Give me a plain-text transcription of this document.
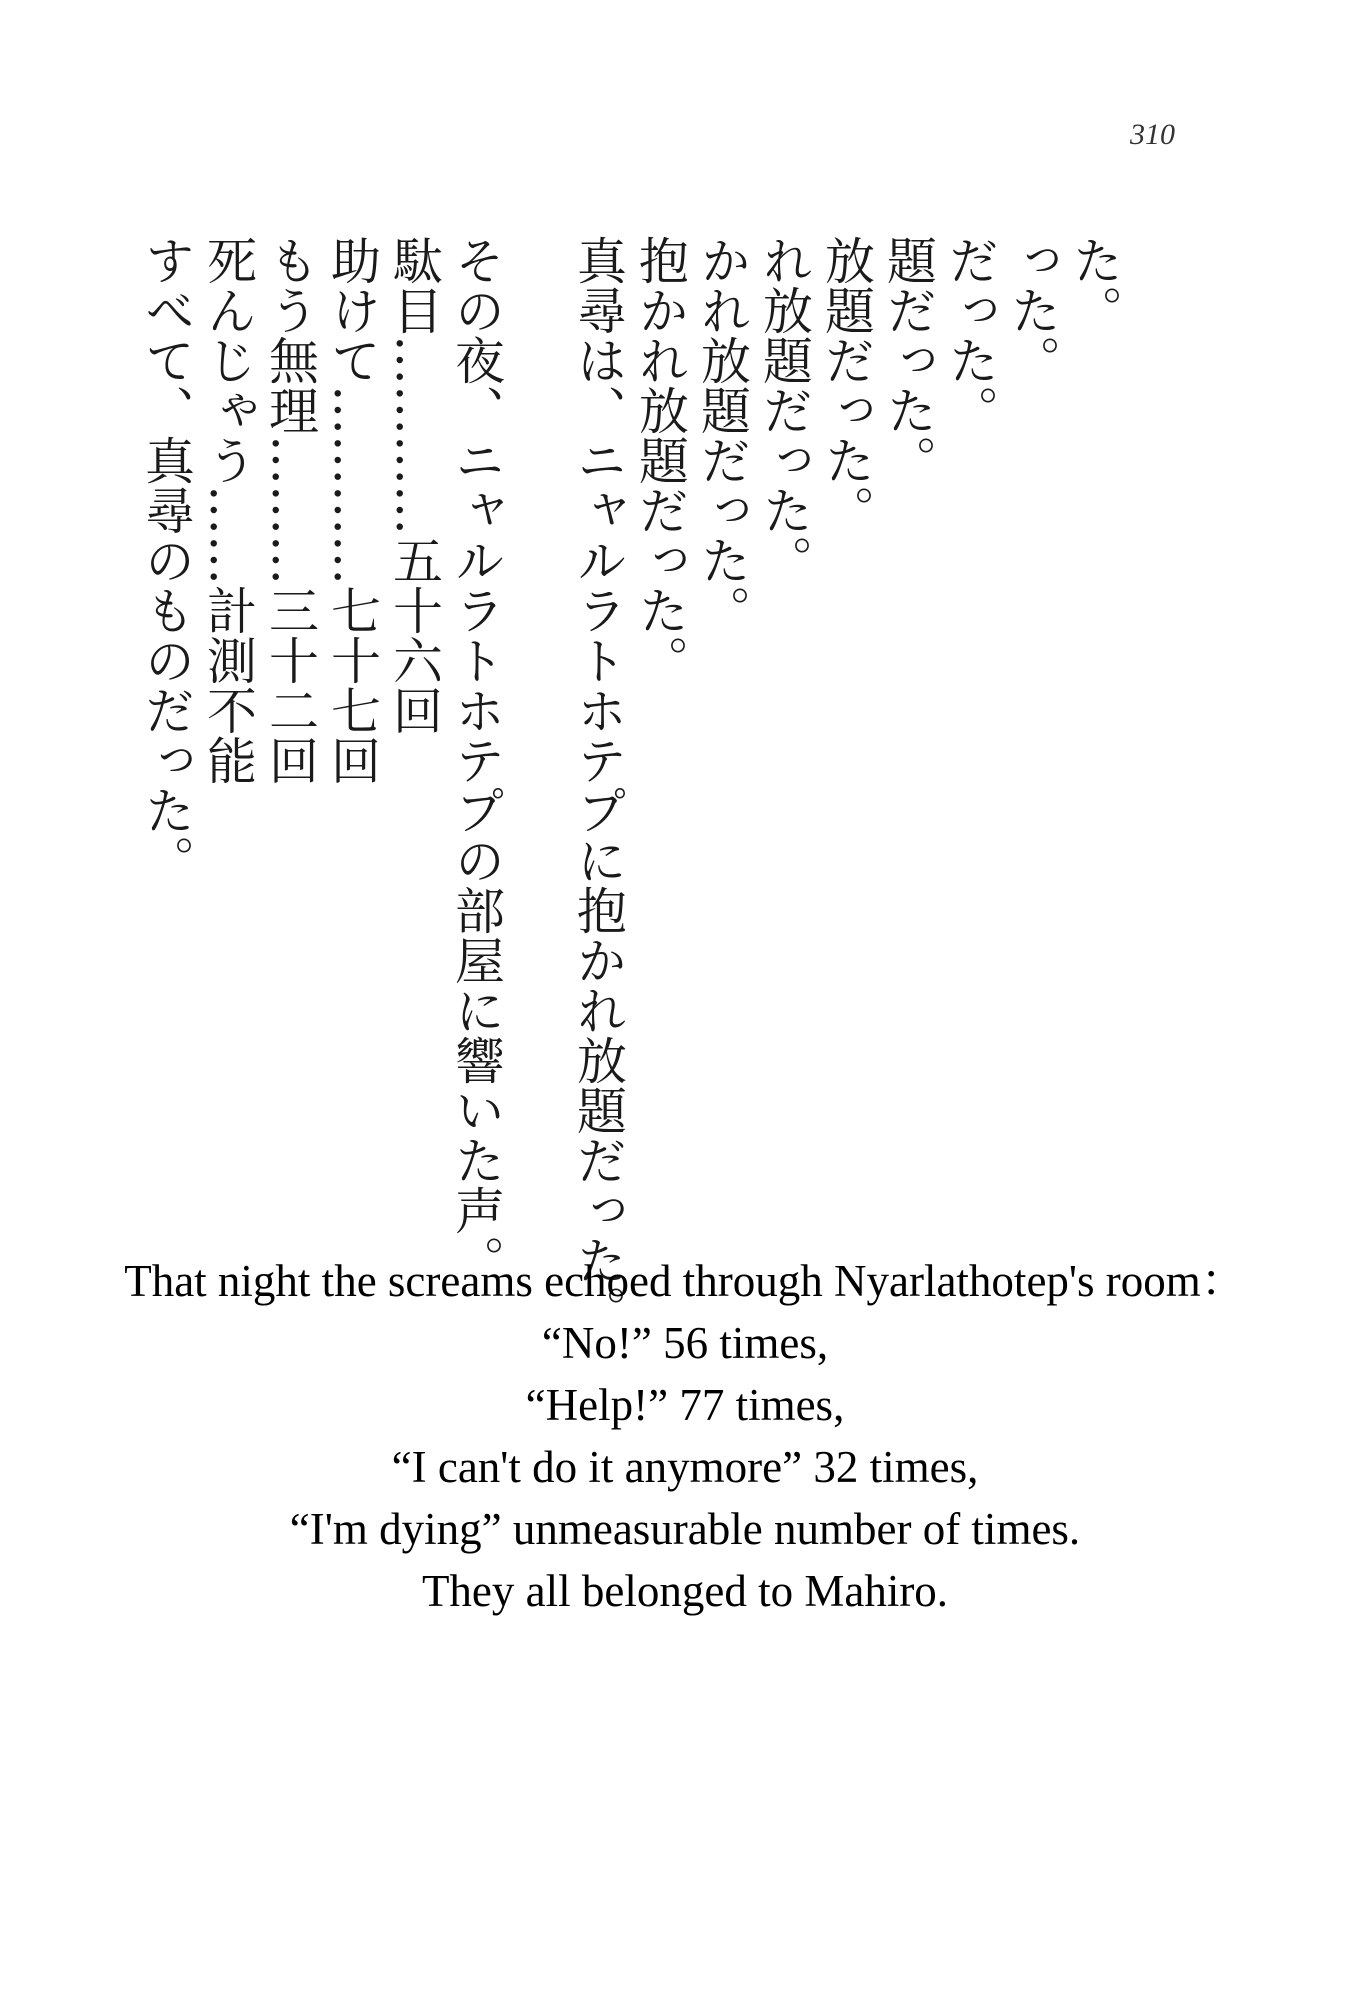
310
た。
った。
だった。
題だった。
放題だった。
れ放題だった。
かれ放題だった。
抱かれ放題だった。
真尋は、ニャルラトホテプに抱かれ放題だった。
その夜、ニャルラトホテプの部屋に響いた声。
駄目…………五十六回
助けて…………七十七回
もう無理………三十二回
死んじゃう……計測不能
すべて、真尋のものだった。
That night the screams echoed through Nyarlathotep's room：
“No!” 56 times,
“Help!” 77 times,
“I can't do it anymore” 32 times,
“I'm dying” unmeasurable number of times.
They all belonged to Mahiro.
